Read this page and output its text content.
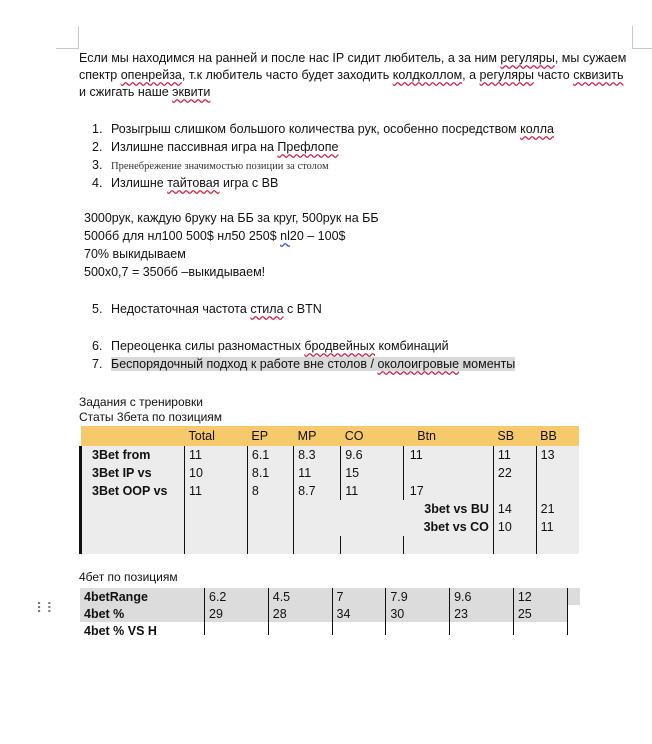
Если мы находимся на ранней и после нас IP сидит любитель, а за ним регуляры, мы сужаем спектр опенрейза, т.к любитель часто будет заходить колдколлом, а регуляры часто сквизить и сжигать наше эквити
1. Розыгрыш слишком большого количества рук, особенно посредством колла
2. Излишне пассивная игра на Префлопе
3. Пренебрежение значимостью позиции за столом
4. Излишне тайтовая игра с ВВ
3000рук, каждую 6руку на ББ за круг, 500рук на ББ
500бб для нл100 500$ нл50 250$ nl20 – 100$
70% выкидываем
500х0,7 = 350бб –выкидываем!
5. Недостаточная частота стила с BTN
6. Переоценка силы разномастных бродвейных комбинаций
7. Беспорядочный подход к работе вне столов / околоигровые моменты
Задания с тренировки
Статы 3бета по позициям
	Total	EP	MP	CO	Btn	SB	BB
3Bet from	11	6.1	8.3	9.6	11	11	13
3Bet IP vs	10	8.1	11	15		22	
3Bet OOP vs	11	8	8.7	11	17		
				3bet vs BU		14	21
				3bet vs CO		10	11

4бет по позициям
⠇⠇
4betRange	6.2	4.5	7	7.9	9.6	12	
4bet %	29	28	34	30	23	25	
4bet % VS H							
